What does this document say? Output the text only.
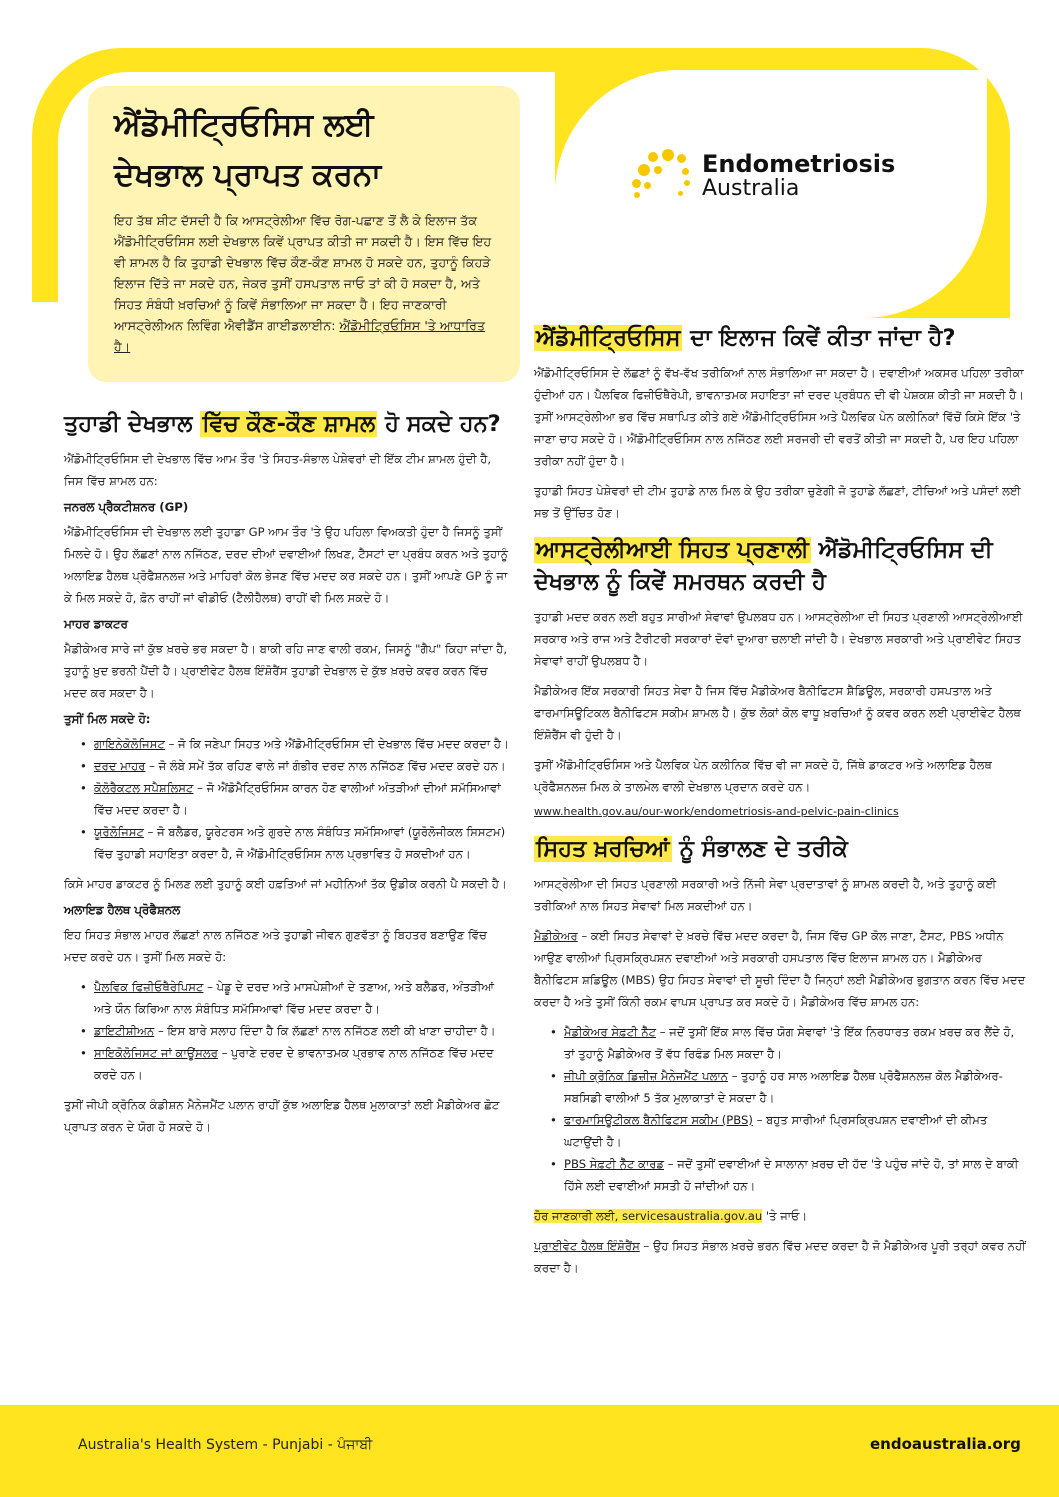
ਐਂਡੋਮੀਟ੍ਰਿਓਸਿਸ ਲਈ
ਦੇਖਭਾਲ ਪ੍ਰਾਪਤ ਕਰਨਾ

ਇਹ ਤੱਥ ਸ਼ੀਟ ਦੱਸਦੀ ਹੈ ਕਿ ਆਸਟ੍ਰੇਲੀਆ ਵਿੱਚ ਰੋਗ-ਪਛਾਣ ਤੋਂ ਲੈ ਕੇ ਇਲਾਜ ਤੱਕ ਐਂਡੋਮੀਟ੍ਰਿਓਸਿਸ ਲਈ ਦੇਖਭਾਲ ਕਿਵੇਂ ਪ੍ਰਾਪਤ ਕੀਤੀ ਜਾ ਸਕਦੀ ਹੈ। ਇਸ ਵਿੱਚ ਇਹ ਵੀ ਸ਼ਾਮਲ ਹੈ ਕਿ ਤੁਹਾਡੀ ਦੇਖਭਾਲ ਵਿੱਚ ਕੌਣ-ਕੌਣ ਸ਼ਾਮਲ ਹੋ ਸਕਦੇ ਹਨ, ਤੁਹਾਨੂੰ ਕਿਹੜੇ ਇਲਾਜ ਦਿੱਤੇ ਜਾ ਸਕਦੇ ਹਨ, ਜੇਕਰ ਤੁਸੀਂ ਹਸਪਤਾਲ ਜਾਓ ਤਾਂ ਕੀ ਹੋ ਸਕਦਾ ਹੈ, ਅਤੇ ਸਿਹਤ ਸੰਬੰਧੀ ਖ਼ਰਚਿਆਂ ਨੂੰ ਕਿਵੇਂ ਸੰਭਾਲਿਆ ਜਾ ਸਕਦਾ ਹੈ। ਇਹ ਜਾਣਕਾਰੀ ਆਸਟ੍ਰੇਲੀਅਨ ਲਿਵਿੰਗ ਐਵੀਡੈਂਸ ਗਾਈਡਲਾਈਨ: ਐਂਡੋਮੀਟ੍ਰਿਓਸਿਸ 'ਤੇ ਆਧਾਰਿਤ ਹੈ।

Endometriosis
Australia
ਤੁਹਾਡੀ ਦੇਖਭਾਲ ਵਿੱਚ ਕੌਣ-ਕੌਣ ਸ਼ਾਮਲ ਹੋ ਸਕਦੇ ਹਨ?

ਐਂਡੋਮੀਟ੍ਰਿਓਸਿਸ ਦੀ ਦੇਖਭਾਲ ਵਿੱਚ ਆਮ ਤੌਰ 'ਤੇ ਸਿਹਤ-ਸੰਭਾਲ ਪੇਸ਼ੇਵਰਾਂ ਦੀ ਇੱਕ ਟੀਮ ਸ਼ਾਮਲ ਹੁੰਦੀ ਹੈ, ਜਿਸ ਵਿੱਚ ਸ਼ਾਮਲ ਹਨ:

ਜਨਰਲ ਪ੍ਰੈਕਟੀਸ਼ਨਰ (GP)

ਐਂਡੋਮੀਟ੍ਰਿਓਸਿਸ ਦੀ ਦੇਖਭਾਲ ਲਈ ਤੁਹਾਡਾ GP ਆਮ ਤੌਰ 'ਤੇ ਉਹ ਪਹਿਲਾ ਵਿਅਕਤੀ ਹੁੰਦਾ ਹੈ ਜਿਸਨੂੰ ਤੁਸੀਂ ਮਿਲਦੇ ਹੋ। ਉਹ ਲੱਛਣਾਂ ਨਾਲ ਨਜਿੱਠਣ, ਦਰਦ ਦੀਆਂ ਦਵਾਈਆਂ ਲਿਖਣ, ਟੈਸਟਾਂ ਦਾ ਪ੍ਰਬੰਧ ਕਰਨ ਅਤੇ ਤੁਹਾਨੂੰ ਅਲਾਇਡ ਹੈਲਥ ਪ੍ਰੋਫੈਸ਼ਨਲਜ਼ ਅਤੇ ਮਾਹਿਰਾਂ ਕੋਲ ਭੇਜਣ ਵਿੱਚ ਮਦਦ ਕਰ ਸਕਦੇ ਹਨ। ਤੁਸੀਂ ਆਪਣੇ GP ਨੂੰ ਜਾ ਕੇ ਮਿਲ ਸਕਦੇ ਹੋ, ਫ਼ੋਨ ਰਾਹੀਂ ਜਾਂ ਵੀਡੀਓ (ਟੈਲੀਹੈਲਥ) ਰਾਹੀਂ ਵੀ ਮਿਲ ਸਕਦੇ ਹੋ।

ਮਾਹਰ ਡਾਕਟਰ

ਮੈਡੀਕੇਅਰ ਸਾਰੇ ਜਾਂ ਕੁੱਝ ਖ਼ਰਚੇ ਭਰ ਸਕਦਾ ਹੈ। ਬਾਕੀ ਰਹਿ ਜਾਣ ਵਾਲੀ ਰਕਮ, ਜਿਸਨੂੰ "ਗੈਪ" ਕਿਹਾ ਜਾਂਦਾ ਹੈ, ਤੁਹਾਨੂੰ ਖ਼ੁਦ ਭਰਨੀ ਪੈਂਦੀ ਹੈ। ਪ੍ਰਾਈਵੇਟ ਹੈਲਥ ਇੰਸ਼ੋਰੈਂਸ ਤੁਹਾਡੀ ਦੇਖਭਾਲ ਦੇ ਕੁੱਝ ਖ਼ਰਚੇ ਕਵਰ ਕਰਨ ਵਿੱਚ ਮਦਦ ਕਰ ਸਕਦਾ ਹੈ।

ਤੁਸੀਂ ਮਿਲ ਸਕਦੇ ਹੋ:
• ਗਾਇਨੇਕੋਲੋਜਿਸਟ – ਜੋ ਕਿ ਜਣੇਪਾ ਸਿਹਤ ਅਤੇ ਐਂਡੋਮੀਟ੍ਰਿਓਸਿਸ ਦੀ ਦੇਖਭਾਲ ਵਿੱਚ ਮਦਦ ਕਰਦਾ ਹੈ।
• ਦਰਦ ਮਾਹਰ – ਜੋ ਲੰਬੇ ਸਮੇਂ ਤੱਕ ਰਹਿਣ ਵਾਲੇ ਜਾਂ ਗੰਭੀਰ ਦਰਦ ਨਾਲ ਨਜਿੱਠਣ ਵਿੱਚ ਮਦਦ ਕਰਦੇ ਹਨ।
• ਕੋਲੋਰੈਕਟਲ ਸਪੈਸ਼ਲਿਸਟ – ਜੋ ਐਂਡੋਮੈਟ੍ਰਿਓਸਿਸ ਕਾਰਨ ਹੋਣ ਵਾਲੀਆਂ ਅੰਤੜੀਆਂ ਦੀਆਂ ਸਮੱਸਿਆਵਾਂ ਵਿੱਚ ਮਦਦ ਕਰਦਾ ਹੈ।
• ਯੂਰੋਲੋਜਿਸਟ – ਜੋ ਬਲੈਡਰ, ਯੂਰੇਟਰਸ ਅਤੇ ਗੁਰਦੇ ਨਾਲ ਸੰਬੰਧਿਤ ਸਮੱਸਿਆਵਾਂ (ਯੂਰੋਲੋਜੀਕਲ ਸਿਸਟਮ) ਵਿੱਚ ਤੁਹਾਡੀ ਸਹਾਇਤਾ ਕਰਦਾ ਹੈ, ਜੋ ਐਂਡੋਮੀਟ੍ਰਿਓਸਿਸ ਨਾਲ ਪ੍ਰਭਾਵਿਤ ਹੋ ਸਕਦੀਆਂ ਹਨ।

ਕਿਸੇ ਮਾਹਰ ਡਾਕਟਰ ਨੂੰ ਮਿਲਣ ਲਈ ਤੁਹਾਨੂੰ ਕਈ ਹਫ਼ਤਿਆਂ ਜਾਂ ਮਹੀਨਿਆਂ ਤੱਕ ਉਡੀਕ ਕਰਨੀ ਪੈ ਸਕਦੀ ਹੈ।

ਅਲਾਇਡ ਹੈਲਥ ਪ੍ਰੋਫੈਸ਼ਨਲ

ਇਹ ਸਿਹਤ ਸੰਭਾਲ ਮਾਹਰ ਲੱਛਣਾਂ ਨਾਲ ਨਜਿੱਠਣ ਅਤੇ ਤੁਹਾਡੀ ਜੀਵਨ ਗੁਣਵੱਤਾ ਨੂੰ ਬਿਹਤਰ ਬਣਾਉਣ ਵਿੱਚ ਮਦਦ ਕਰਦੇ ਹਨ। ਤੁਸੀਂ ਮਿਲ ਸਕਦੇ ਹੋ:

• ਪੈਲਵਿਕ ਫਿਜ਼ੀਓਥੈਰੇਪਿਸਟ – ਪੇਡੂ ਦੇ ਦਰਦ ਅਤੇ ਮਾਸਪੇਸ਼ੀਆਂ ਦੇ ਤਣਾਅ, ਅਤੇ ਬਲੈਡਰ, ਅੰਤੜੀਆਂ ਅਤੇ ਯੌਨ ਕਿਰਿਆ ਨਾਲ ਸੰਬੰਧਿਤ ਸਮੱਸਿਆਵਾਂ ਵਿੱਚ ਮਦਦ ਕਰਦਾ ਹੈ।
• ਡਾਇਟੀਸ਼ੀਅਨ – ਇਸ ਬਾਰੇ ਸਲਾਹ ਦਿੰਦਾ ਹੈ ਕਿ ਲੱਛਣਾਂ ਨਾਲ ਨਜਿੱਠਣ ਲਈ ਕੀ ਖਾਣਾ ਚਾਹੀਦਾ ਹੈ।
• ਸਾਇਕੋਲੋਜਿਸਟ ਜਾਂ ਕਾਊਂਸਲਰ – ਪੁਰਾਣੇ ਦਰਦ ਦੇ ਭਾਵਨਾਤਮਕ ਪ੍ਰਭਾਵ ਨਾਲ ਨਜਿੱਠਣ ਵਿੱਚ ਮਦਦ ਕਰਦੇ ਹਨ।

ਤੁਸੀਂ ਜੀਪੀ ਕ੍ਰੋਨਿਕ ਕੰਡੀਸ਼ਨ ਮੈਨੇਜਮੈਂਟ ਪਲਾਨ ਰਾਹੀਂ ਕੁੱਝ ਅਲਾਇਡ ਹੈਲਥ ਮੁਲਾਕਾਤਾਂ ਲਈ ਮੈਡੀਕੇਅਰ ਛੋਟ ਪ੍ਰਾਪਤ ਕਰਨ ਦੇ ਯੋਗ ਹੋ ਸਕਦੇ ਹੋ।

ਐਂਡੋਮੀਟ੍ਰਿਓਸਿਸ ਦਾ ਇਲਾਜ ਕਿਵੇਂ ਕੀਤਾ ਜਾਂਦਾ ਹੈ?

ਐਂਡੋਮੀਟ੍ਰਿਓਸਿਸ ਦੇ ਲੱਛਣਾਂ ਨੂੰ ਵੱਖ-ਵੱਖ ਤਰੀਕਿਆਂ ਨਾਲ ਸੰਭਾਲਿਆ ਜਾ ਸਕਦਾ ਹੈ। ਦਵਾਈਆਂ ਅਕਸਰ ਪਹਿਲਾ ਤਰੀਕਾ ਹੁੰਦੀਆਂ ਹਨ। ਪੈਲਵਿਕ ਫਿਜ਼ੀਓਥੈਰੇਪੀ, ਭਾਵਨਾਤਮਕ ਸਹਾਇਤਾ ਜਾਂ ਦਰਦ ਪ੍ਰਬੰਧਨ ਦੀ ਵੀ ਪੇਸ਼ਕਸ਼ ਕੀਤੀ ਜਾ ਸਕਦੀ ਹੈ। ਤੁਸੀਂ ਆਸਟ੍ਰੇਲੀਆ ਭਰ ਵਿੱਚ ਸਥਾਪਿਤ ਕੀਤੇ ਗਏ ਐਂਡੋਮੀਟ੍ਰਿਓਸਿਸ ਅਤੇ ਪੈਲਵਿਕ ਪੇਨ ਕਲੀਨਿਕਾਂ ਵਿੱਚੋਂ ਕਿਸੇ ਇੱਕ 'ਤੇ ਜਾਣਾ ਚਾਹ ਸਕਦੇ ਹੋ। ਐਂਡੋਮੀਟ੍ਰਿਓਸਿਸ ਨਾਲ ਨਜਿੱਠਣ ਲਈ ਸਰਜਰੀ ਦੀ ਵਰਤੋਂ ਕੀਤੀ ਜਾ ਸਕਦੀ ਹੈ, ਪਰ ਇਹ ਪਹਿਲਾ ਤਰੀਕਾ ਨਹੀਂ ਹੁੰਦਾ ਹੈ।

ਤੁਹਾਡੀ ਸਿਹਤ ਪੇਸ਼ੇਵਰਾਂ ਦੀ ਟੀਮ ਤੁਹਾਡੇ ਨਾਲ ਮਿਲ ਕੇ ਉਹ ਤਰੀਕਾ ਚੁਣੇਗੀ ਜੋ ਤੁਹਾਡੇ ਲੱਛਣਾਂ, ਟੀਚਿਆਂ ਅਤੇ ਪਸੰਦਾਂ ਲਈ ਸਭ ਤੋਂ ਉੱਚਿਤ ਹੋਣ।

ਆਸਟ੍ਰੇਲੀਆਈ ਸਿਹਤ ਪ੍ਰਣਾਲੀ ਐਂਡੋਮੀਟ੍ਰਿਓਸਿਸ ਦੀ ਦੇਖਭਾਲ ਨੂੰ ਕਿਵੇਂ ਸਮਰਥਨ ਕਰਦੀ ਹੈ

ਤੁਹਾਡੀ ਮਦਦ ਕਰਨ ਲਈ ਬਹੁਤ ਸਾਰੀਆਂ ਸੇਵਾਵਾਂ ਉਪਲਬਧ ਹਨ। ਆਸਟ੍ਰੇਲੀਆ ਦੀ ਸਿਹਤ ਪ੍ਰਣਾਲੀ ਆਸਟ੍ਰੇਲੀਆਈ ਸਰਕਾਰ ਅਤੇ ਰਾਜ ਅਤੇ ਟੈਰੀਟਰੀ ਸਰਕਾਰਾਂ ਦੋਵਾਂ ਦੁਆਰਾ ਚਲਾਈ ਜਾਂਦੀ ਹੈ। ਦੇਖਭਾਲ ਸਰਕਾਰੀ ਅਤੇ ਪ੍ਰਾਈਵੇਟ ਸਿਹਤ ਸੇਵਾਵਾਂ ਰਾਹੀਂ ਉਪਲਬਧ ਹੈ।

ਮੈਡੀਕੇਅਰ ਇੱਕ ਸਰਕਾਰੀ ਸਿਹਤ ਸੇਵਾ ਹੈ ਜਿਸ ਵਿੱਚ ਮੈਡੀਕੇਅਰ ਬੈਨੀਫਿਟਸ ਸ਼ੈਡਿਊਲ, ਸਰਕਾਰੀ ਹਸਪਤਾਲ ਅਤੇ ਫਾਰਮਾਸਿਊਟਿਕਲ ਬੈਨੀਫਿਟਸ ਸਕੀਮ ਸ਼ਾਮਲ ਹੈ। ਕੁੱਝ ਲੋਕਾਂ ਕੋਲ ਵਾਧੂ ਖ਼ਰਚਿਆਂ ਨੂੰ ਕਵਰ ਕਰਨ ਲਈ ਪ੍ਰਾਈਵੇਟ ਹੈਲਥ ਇੰਸ਼ੋਰੈਂਸ ਵੀ ਹੁੰਦੀ ਹੈ।

ਤੁਸੀਂ ਐਂਡੋਮੀਟ੍ਰਿਓਸਿਸ ਅਤੇ ਪੈਲਵਿਕ ਪੇਨ ਕਲੀਨਿਕ ਵਿੱਚ ਵੀ ਜਾ ਸਕਦੇ ਹੋ, ਜਿੱਥੇ ਡਾਕਟਰ ਅਤੇ ਅਲਾਇਡ ਹੈਲਥ ਪ੍ਰੋਫੈਸ਼ਨਲਜ਼ ਮਿਲ ਕੇ ਤਾਲਮੇਲ ਵਾਲੀ ਦੇਖਭਾਲ ਪ੍ਰਦਾਨ ਕਰਦੇ ਹਨ।

www.health.gov.au/our-work/endometriosis-and-pelvic-pain-clinics
ਸਿਹਤ ਖ਼ਰਚਿਆਂ ਨੂੰ ਸੰਭਾਲਣ ਦੇ ਤਰੀਕੇ

ਆਸਟ੍ਰੇਲੀਆ ਦੀ ਸਿਹਤ ਪ੍ਰਣਾਲੀ ਸਰਕਾਰੀ ਅਤੇ ਨਿੱਜੀ ਸੇਵਾ ਪ੍ਰਦਾਤਾਵਾਂ ਨੂੰ ਸ਼ਾਮਲ ਕਰਦੀ ਹੈ, ਅਤੇ ਤੁਹਾਨੂੰ ਕਈ ਤਰੀਕਿਆਂ ਨਾਲ ਸਿਹਤ ਸੇਵਾਵਾਂ ਮਿਲ ਸਕਦੀਆਂ ਹਨ।

ਮੈਡੀਕੇਅਰ – ਕਈ ਸਿਹਤ ਸੇਵਾਵਾਂ ਦੇ ਖ਼ਰਚੇ ਵਿੱਚ ਮਦਦ ਕਰਦਾ ਹੈ, ਜਿਸ ਵਿੱਚ GP ਕੋਲ ਜਾਣਾ, ਟੈਸਟ, PBS ਅਧੀਨ ਆਉਣ ਵਾਲੀਆਂ ਪ੍ਰਿਸਕ੍ਰਿਪਸ਼ਨ ਦਵਾਈਆਂ ਅਤੇ ਸਰਕਾਰੀ ਹਸਪਤਾਲ ਵਿੱਚ ਇਲਾਜ ਸ਼ਾਮਲ ਹਨ। ਮੈਡੀਕੇਅਰ ਬੈਨੀਫਿਟਸ ਸ਼ਡਿਊਲ (MBS) ਉਹ ਸਿਹਤ ਸੇਵਾਵਾਂ ਦੀ ਸੂਚੀ ਦਿੰਦਾ ਹੈ ਜਿਨ੍ਹਾਂ ਲਈ ਮੈਡੀਕੇਅਰ ਭੁਗਤਾਨ ਕਰਨ ਵਿੱਚ ਮਦਦ ਕਰਦਾ ਹੈ ਅਤੇ ਤੁਸੀਂ ਕਿੰਨੀ ਰਕਮ ਵਾਪਸ ਪ੍ਰਾਪਤ ਕਰ ਸਕਦੇ ਹੋ। ਮੈਡੀਕੇਅਰ ਵਿੱਚ ਸ਼ਾਮਲ ਹਨ:

• ਮੈਡੀਕੇਅਰ ਸੇਫ਼ਟੀ ਨੈੱਟ – ਜਦੋਂ ਤੁਸੀਂ ਇੱਕ ਸਾਲ ਵਿੱਚ ਯੋਗ ਸੇਵਾਵਾਂ 'ਤੇ ਇੱਕ ਨਿਰਧਾਰਤ ਰਕਮ ਖ਼ਰਚ ਕਰ ਲੈਂਦੇ ਹੋ, ਤਾਂ ਤੁਹਾਨੂੰ ਮੈਡੀਕੇਅਰ ਤੋਂ ਵੱਧ ਰਿਫੰਡ ਮਿਲ ਸਕਦਾ ਹੈ।
• ਜੀਪੀ ਕ੍ਰੋਨਿਕ ਡਿਜ਼ੀਜ਼ ਮੈਨੇਜਮੈਂਟ ਪਲਾਨ – ਤੁਹਾਨੂੰ ਹਰ ਸਾਲ ਅਲਾਇਡ ਹੈਲਥ ਪ੍ਰੋਫੈਸ਼ਨਲਜ਼ ਕੋਲ ਮੈਡੀਕੇਅਰ-ਸਬਸਿਡੀ ਵਾਲੀਆਂ 5 ਤੱਕ ਮੁਲਾਕਾਤਾਂ ਦੇ ਸਕਦਾ ਹੈ।
• ਫਾਰਮਾਸਿਊਟੀਕਲ ਬੈਨੀਫਿਟਸ ਸਕੀਮ (PBS) – ਬਹੁਤ ਸਾਰੀਆਂ ਪ੍ਰਿਸਕ੍ਰਿਪਸ਼ਨ ਦਵਾਈਆਂ ਦੀ ਕੀਮਤ ਘਟਾਉਂਦੀ ਹੈ।
• PBS ਸੇਫ਼ਟੀ ਨੈੱਟ ਕਾਰਡ – ਜਦੋਂ ਤੁਸੀਂ ਦਵਾਈਆਂ ਦੇ ਸਾਲਾਨਾ ਖ਼ਰਚ ਦੀ ਹੱਦ 'ਤੇ ਪਹੁੰਚ ਜਾਂਦੇ ਹੋ, ਤਾਂ ਸਾਲ ਦੇ ਬਾਕੀ ਹਿੱਸੇ ਲਈ ਦਵਾਈਆਂ ਸਸਤੀ ਹੋ ਜਾਂਦੀਆਂ ਹਨ।

ਹੋਰ ਜਾਣਕਾਰੀ ਲਈ, servicesaustralia.gov.au 'ਤੇ ਜਾਓ।

ਪ੍ਰਾਈਵੇਟ ਹੈਲਥ ਇੰਸ਼ੋਰੈਂਸ – ਉਹ ਸਿਹਤ ਸੰਭਾਲ ਖ਼ਰਚੇ ਭਰਨ ਵਿੱਚ ਮਦਦ ਕਰਦਾ ਹੈ ਜੋ ਮੈਡੀਕੇਅਰ ਪੂਰੀ ਤਰ੍ਹਾਂ ਕਵਰ ਨਹੀਂ ਕਰਦਾ ਹੈ।

Australia's Health System - Punjabi - ਪੰਜਾਬੀ	endoaustralia.org
